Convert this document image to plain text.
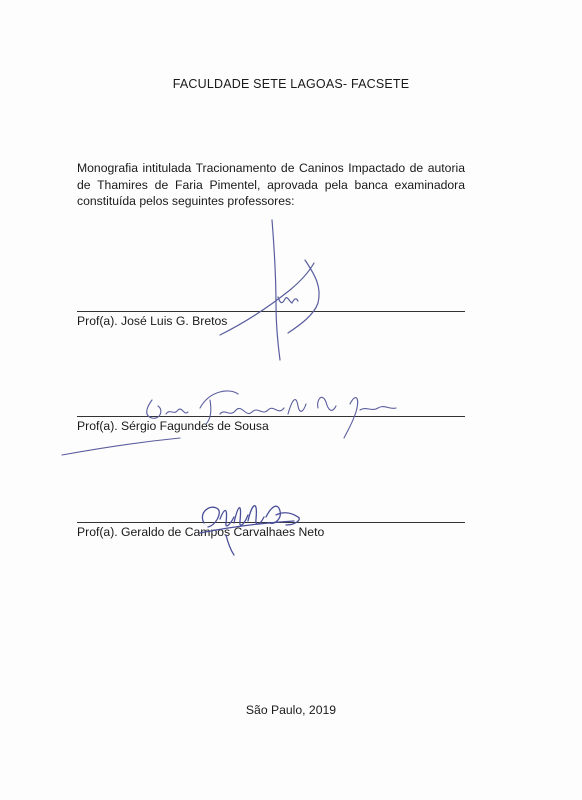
FACULDADE SETE LAGOAS- FACSETE
Monografia intitulada Tracionamento de Caninos Impactado de autoria de Thamires de Faria Pimentel, aprovada pela banca examinadora constituída pelos seguintes professores:
Prof(a). José Luis G. Bretos
Prof(a). Sérgio Fagundes de Sousa
Prof(a). Geraldo de Campos Carvalhaes Neto
São Paulo, 2019
